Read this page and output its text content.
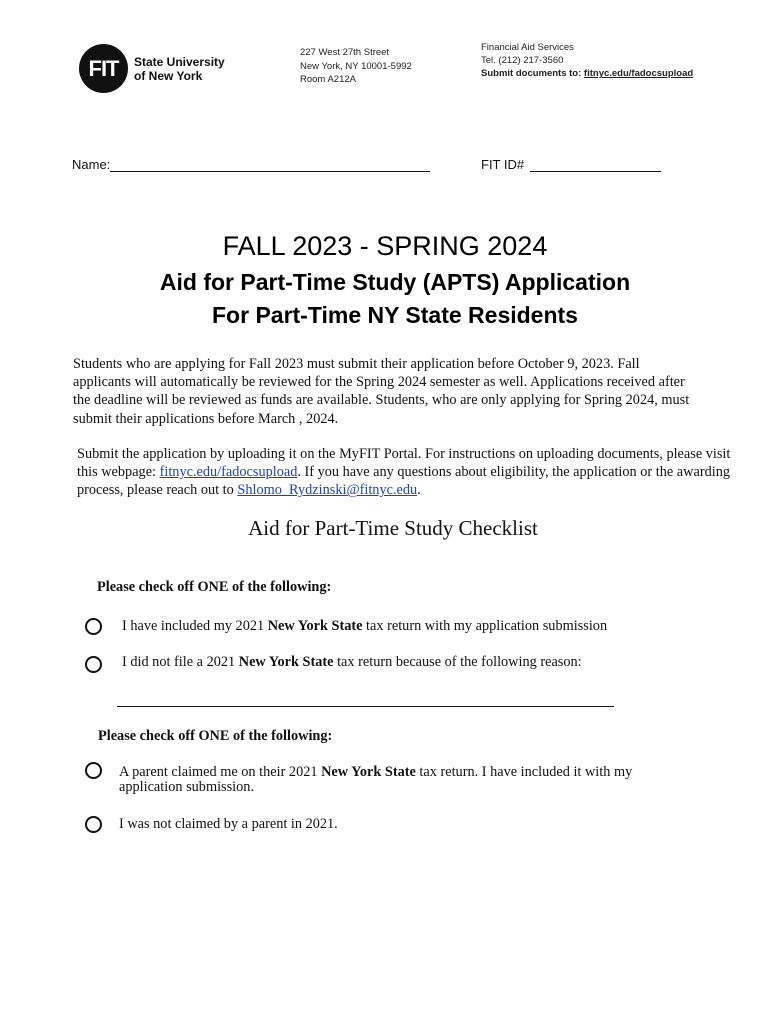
FIT State University
of New York
227 West 27th Street
New York, NY 10001-5992
Room A212A
Financial Aid Services
Tel. (212) 217-3560
Submit documents to: fitnyc.edu/fadocsupload
Name:	FIT ID#
FALL 2023 - SPRING 2024
Aid for Part-Time Study (APTS) Application
For Part-Time NY State Residents
Students who are applying for Fall 2023 must submit their application before October 9, 2023. Fall applicants will automatically be reviewed for the Spring 2024 semester as well. Applications received after the deadline will be reviewed as funds are available. Students, who are only applying for Spring 2024, must submit their applications before March , 2024.
Submit the application by uploading it on the MyFIT Portal. For instructions on uploading documents, please visit this webpage: fitnyc.edu/fadocsupload. If you have any questions about eligibility, the application or the awarding process, please reach out to Shlomo_Rydzinski@fitnyc.edu.
Aid for Part-Time Study Checklist
Please check off ONE of the following:
I have included my 2021 New York State tax return with my application submission
I did not file a 2021 New York State tax return because of the following reason:
Please check off ONE of the following:
A parent claimed me on their 2021 New York State tax return. I have included it with my application submission.
I was not claimed by a parent in 2021.
